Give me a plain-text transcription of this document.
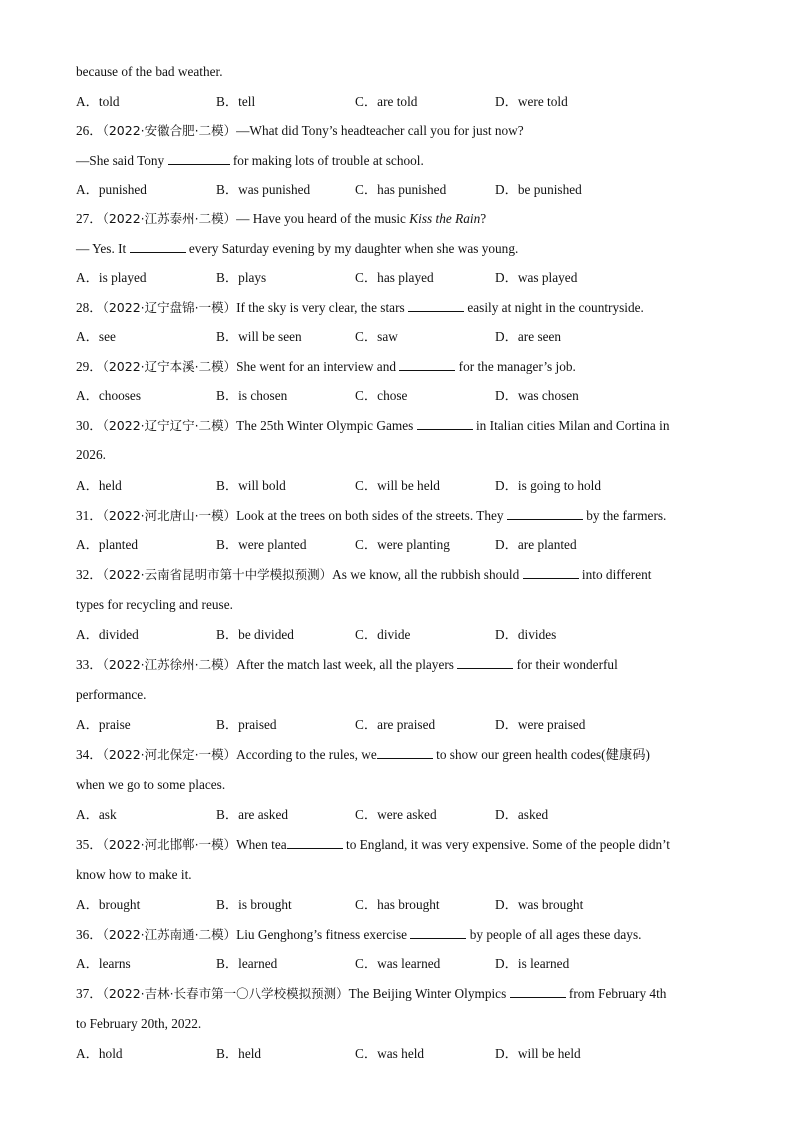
because of the bad weather.
A．told	B．tell	C．are told	D．were told
26．（2022·安徽合肥·二模）—What did Tony’s headteacher call you for just now?
—She said Tony	for making lots of trouble at school.
A．punished	B．was punished	C．has punished	D．be punished
27．（2022·江苏泰州·二模）— Have you heard of the music Kiss the Rain?
— Yes. It	every Saturday evening by my daughter when she was young.
A．is played	B．plays	C．has played	D．was played
28．（2022·辽宁盘锦·一模）If the sky is very clear, the stars	easily at night in the countryside.
A．see	B．will be seen	C．saw	D．are seen
29．（2022·辽宁本溪·二模）She went for an interview and	for the manager’s job.
A．chooses	B．is chosen	C．chose	D．was chosen
30．（2022·辽宁辽宁·二模）The 25th Winter Olympic Games	in Italian cities Milan and Cortina in
2026.
A．held	B．will bold	C．will be held	D．is going to hold
31．（2022·河北唐山·一模）Look at the trees on both sides of the streets. They	by the farmers.
A．planted	B．were planted	C．were planting	D．are planted
32．（2022·云南省昆明市第十中学模拟预测）As we know, all the rubbish should	into different
types for recycling and reuse.
A．divided	B．be divided	C．divide	D．divides
33．（2022·江苏徐州·二模）After the match last week, all the players	for their wonderful
performance.
A．praise	B．praised	C．are praised	D．were praised
34．（2022·河北保定·一模）According to the rules, we	to show our green health codes(健康码)
when we go to some places.
A．ask	B．are asked	C．were asked	D．asked
35．（2022·河北邯郸·一模）When tea	to England, it was very expensive. Some of the people didn’t
know how to make it.
A．brought	B．is brought	C．has brought	D．was brought
36．（2022·江苏南通·二模）Liu Genghong’s fitness exercise	by people of all ages these days.
A．learns	B．learned	C．was learned	D．is learned
37．（2022·吉林·长春市第一〇八学校模拟预测）The Beijing Winter Olympics	from February 4th
to February 20th, 2022.
A．hold	B．held	C．was held	D．will be held
